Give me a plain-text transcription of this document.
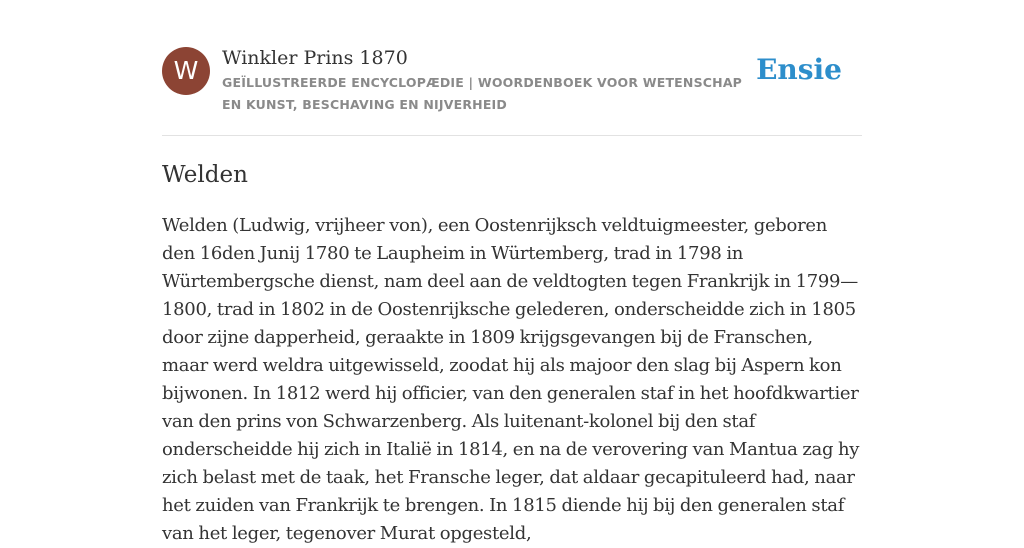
W	Winkler Prins 1870
GEÏLLUSTREERDE ENCYCLOPÆDIE | WOORDENBOEK VOOR WETENSCHAP EN KUNST, BESCHAVING EN NIJVERHEID
Ensie
Welden

Welden (Ludwig, vrijheer von), een Oostenrijksch veldtuigmeester, geboren den 16den Junij 1780 te Laupheim in Würtemberg, trad in 1798 in Würtembergsche dienst, nam deel aan de veldtogten tegen Frankrijk in 1799—1800, trad in 1802 in de Oostenrijksche gelederen, onderscheidde zich in 1805 door zijne dapperheid, geraakte in 1809 krijgsgevangen bij de Franschen, maar werd weldra uitgewisseld, zoodat hij als majoor den slag bij Aspern kon bijwonen. In 1812 werd hij officier, van den generalen staf in het hoofdkwartier van den prins von Schwarzenberg. Als luitenant-kolonel bij den staf onderscheidde hij zich in Italië in 1814, en na de verovering van Mantua zag hy zich belast met de taak, het Fransche leger, dat aldaar gecapituleerd had, naar het zuiden van Frankrijk te brengen. In 1815 diende hij bij den generalen staf van het leger, tegenover Murat opgesteld,
